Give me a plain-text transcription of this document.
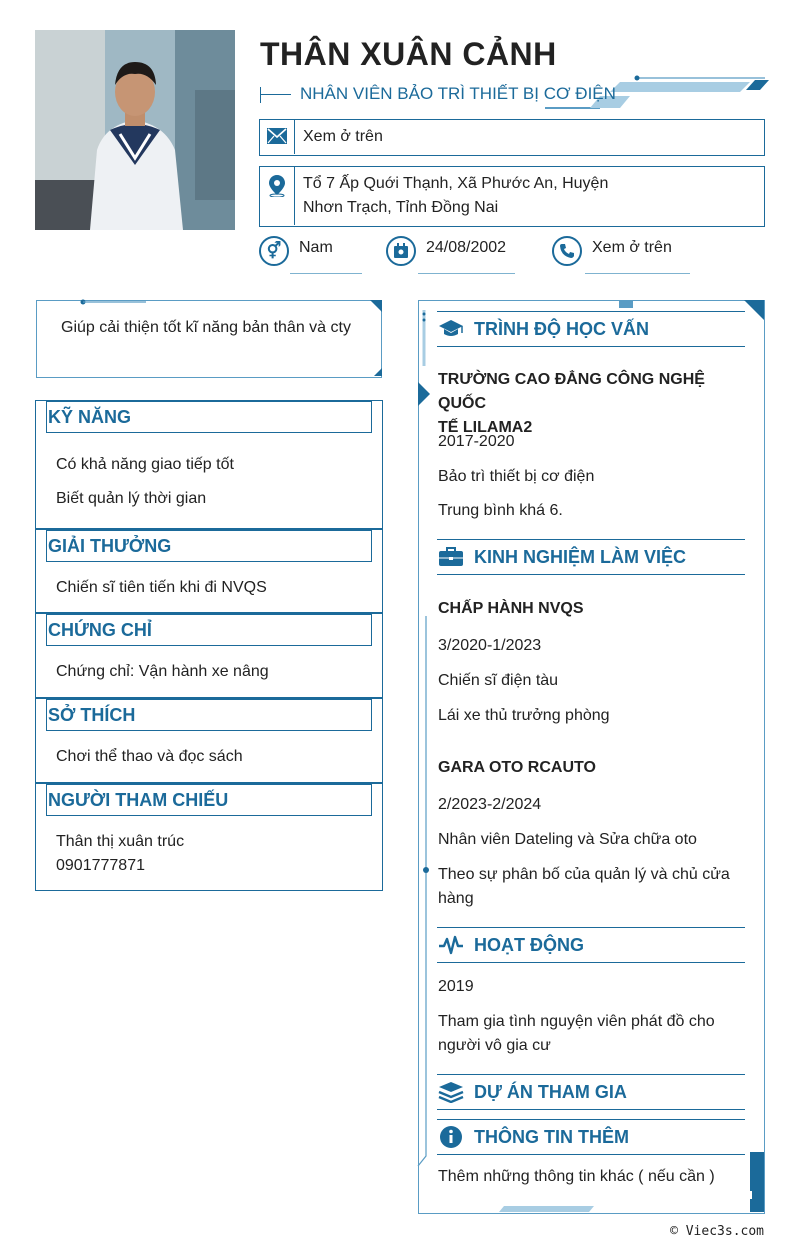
THÂN XUÂN CẢNH
NHÂN VIÊN BẢO TRÌ THIẾT BỊ CƠ ĐIỆN
Xem ở trên
Tổ 7 Ấp Quới Thạnh, Xã Phước An, Huyện
Nhơn Trạch, Tỉnh Đồng Nai
⚥	Nam	24/08/2002	Xem ở trên
Giúp cải thiện tốt kĩ năng bản thân và cty
KỸ NĂNG

Có khả năng giao tiếp tốt

Biết quản lý thời gian

GIẢI THƯỞNG

Chiến sĩ tiên tiến khi đi NVQS

CHỨNG CHỈ

Chứng chỉ: Vận hành xe nâng

SỞ THÍCH

Chơi thể thao và đọc sách

NGƯỜI THAM CHIẾU
Thân thị xuân trúc
0901777871
TRÌNH ĐỘ HỌC VẤN
TRƯỜNG CAO ĐẲNG CÔNG NGHỆ QUỐC
TẾ LILAMA2
2017-2020
Bảo trì thiết bị cơ điện
Trung bình khá 6.
KINH NGHIỆM LÀM VIỆC
CHẤP HÀNH NVQS
3/2020-1/2023
Chiến sĩ điện tàu
Lái xe thủ trưởng phòng
GARA OTO RCAUTO
2/2023-2/2024
Nhân viên Dateling và Sửa chữa oto
Theo sự phân bố của quản lý và chủ cửa
hàng
HOẠT ĐỘNG
2019
Tham gia tình nguyện viên phát đồ cho
người vô gia cư
DỰ ÁN THAM GIA
THÔNG TIN THÊM
Thêm những thông tin khác ( nếu cần )
© Viec3s.com
